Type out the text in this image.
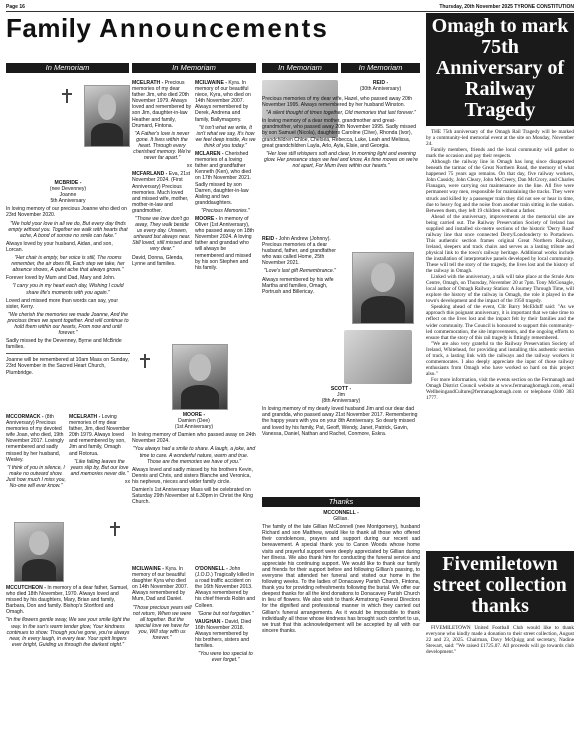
Page 16	Thursday, 20th November 2025 TYRONE CONSTITUTION
Family Announcements
In Memoriam	In Memoriam	In Memoriam	In Memoriam

MCBRIDE -
(nee Devenney)
Joanne
5th Anniversary

In loving memory of our precious Joanne who died on 23rd November 2020.

"We hold your love in all we do, But every day finds empty without you. Together we walk with hearts that ache, A bond of sorrow no smile can fake."

Always loved by your husband, Aidan, and son, Lorcan.

"Her chair is empty, her voice is still, The rooms remember, the air does fill, Each step we take, her absence shows, A quiet ache that always grows."

Forever loved by Mum and Dad, Mary and John.

"I carry you in my heart each day, Wishing I could share life's moments with you again."

Loved and missed more than words can say, your sister, Kerry.

"We cherish the memories we made Joanne, And the precious times we spent together. And will continue to hold them within our hearts, From now and until forever."

Sadly missed by the Devenney, Byrne and McBride families.

Joanne will be remembered at 10am Mass on Sunday, 23rd November in the Sacred Heart Church, Plumbridge.

MCCORMACK - (8th Anniversary) Precious memories of my devoted wife Joan, who died, 19th November 2017. Lovingly remembered and sadly missed by her husband, Wesley.

"I think of you in silence, I make no outward show. Just how much I miss you, No-one will ever know."

MCELRATH - Loving memories of my dear father, Jim, died November 20th 1979. Always loved and remembered by son, Jim and family, Omagh and Rotorua.

"Like falling leaves the years slip by, But our love and memories never die."

xx

MCCUTCHEON - In memory of a dear father, Samuel, who died 18th November, 1970. Always loved and missed by his daughters, Mary, Brian and family, Barbara, Don and family. Bishop's Stortford and Omagh.

"In the flowers gentle sway, We see your smile light the way. In the sun's warm tender glow, Your kindness continues to show. Though you've gone, you're always near, In every laugh, in every tear. Your spirit lingers ever bright, Guiding us through the darkest night."

MCELRATH - Precious memories of my dear father Jim, who died 20th November 1979. Always loved and remembered by son Jim, daughter-in-law Heather and family, Drumard, Fintona.

"A Father's love is never gone. It lives within the heart. Through every cherished memory. We're never far apart."

xx

MCFARLAND - Eva, 21st November 2024. (First Anniversary) Precious memories. Much loved and missed wife, mother, mother-in-law and grandmother.

"Those we love don't go away, They walk beside us every day. Unseen, unheard but always near. Still loved, still missed and very dear."

David, Donna, Glenda, Lynne and families.

MCILWAINE - Kyra. In memory of our beautiful niece, Kyra, who died on 14th November 2007. Always remembered by Derek, Andrena and family, Ballymagorry.

"It isn't what we write, It isn't what we say, It's how we feel deep inside, As we think of you today."

MCLAREN - Cherished memories of a loving father and grandfather Kenneth (Ken), who died on 17th November 2021. Sadly missed by son Darren, daughter-in-law Aisling and two granddaughters.

"Precious Memories."

MOORE - In memory of Oliver (1st Anniversary), who passed away on 18th November 2024. A loving father and grandad who will always be remembered and missed by his son Stephen and his family.

MOORE -
Damien (Dee)
(1st Anniversary)

In loving memory of Damien who passed away on 24th November 2024.

"You always had a smile to share. A laugh, a joke, and time to care. A wonderful nature, warm and true. Those are the memories we have of you."

Always loved and sadly missed by his brothers Kevin, Dennis and Chris, and sisters Blanche and Veronica, his nephews, nieces and wider family circle.

Damien's 1st Anniversary Mass will be celebrated on Saturday 29th November at 6.30pm in Christ the King Church.

MCILWAINE - Kyra. In memory of our beautiful daughter Kyra who died on 14th November 2007. Always remembered by Mum, Dad and Daniel.

"Those precious years will not return, When we were all together. But the special love we have for you, Will stay with us forever."

O'DONNELL - John (J.O.D.) Tragically killed in a road traffic accident on the 16th November 2013. Always remembered by his chief friends Robin and Colleen.

"Gone but not forgotten."

VAUGHAN - David, Died 16th November 2018. Always remembered by his brothers, sisters and families.

"You were too special to ever forget."

REID -
(30th Anniversary)

Precious memories of my dear wife, Hazel, who passed away 20th November 1995. Always remembered by her husband Winston.

"A silent thought of times together, Old memories that last forever."

In loving memory of a dear mother, grandmother and great-grandmother, who passed away 20th November 1995. Sadly missed by son Samuel (Nicola), daughters Caroline (Clive), Rhonda (Ivor), grandchildren Chloe, Chelsea, Rebecca, Luke, Leah and Melissa, great grandchildren Layla, Arlo, Ayla, Elsie, and Georgia.

"Her love still whispers soft and clear, In morning light and evening glow. Her presence stays we feel and know, As time moves on we're not apart, For Mum lives within our hearts."

REID - John Andrew (Johnny). Precious memories of a dear husband, father, and grandfather who was called Home, 25th November 2021.

"Love's last gift Remembrance."

Always remembered by his wife Martha and families, Omagh, Portrush and Billericay.

SCOTT -
Jim
(8th Anniversary)

In loving memory of my dearly loved husband Jim and our dear dad and grandda, who passed away 21st November 2017. Remembering the happy years with you on your 8th Anniversary. So dearly missed and loved by his family, Pat, Geoff, Wendy, Janet, Patrick, Gavin, Vanessa, Daniel, Nathan and Rachel, Conmore, Eskra.

Thanks

MCCONNELL -
Gillian.

The family of the late Gillian McConnell (nee Montgomery), husband Richard and son Matthew, would like to thank all those who offered their condolences, prayers and support during our recent sad bereavement. A special thank you to Canon Woods whose home visits and prayerful support were deeply appreciated by Gillian during her illness. We also thank him for conducting the funeral service and appreciate his continuing support. We would like to thank our family and friends for their support before and following Gillian's passing, to everyone that attended her funeral and visited our home in the following weeks. To the ladies of Donacavey Parish Church, Fintona, thank you for providing refreshments following the burial. We offer our deepest thanks for all the kind donations to Donacavey Parish Church in lieu of flowers. We also wish to thank Armstrong Funeral Directors for the dignified and professional manner in which they carried out Gillian's funeral arrangements. As it would be impossible to thank individually all those whose kindness has brought such comfort to us, we trust that this acknowledgement will be accepted by all with our sincere thanks.

Omagh to mark 75th Anniversary of Railway Tragedy

THE 75th anniversary of the Omagh Rail Tragedy will be marked by a community-led memorial event at the site on Monday, November 24.

Family members, friends and the local community will gather to mark the occasion and pay their respects.

Although the railway line in Omagh has long since disappeared beneath the tarmac of the Great Northern Road, the memory of what happened 75 years ago remains. On that day, five railway workers, John Cassidy, John Cleary, John McCreery, Dan McCrory, and Charles Flanagan, were carrying out maintenance on the line. All five were permanent way men, responsible for maintaining the tracks. They were struck and killed by a passenger train they did not see or hear in time, due to heavy fog and the noise from another train sitting in the station. Between them, they left 19 children without a father.

Ahead of the anniversary, improvements at the memorial site are being carried out. The Railway Preservation Society of Ireland has supplied and installed six-metre sections of the historic 'Derry Road' railway line that once connected Derry/Londonderry to Portadown. This authentic section frames original Great Northern Railway, Ireland, sleepers and track chairs and serves as a lasting tribute and physical link to the town's railway heritage. Additional works include the installation of interpretative panels developed by local community. These will tell the story of the tragedy, the lives lost and the history of the railway in Omagh.

Linked with the anniversary, a talk will take place at the Strule Arts Centre, Omagh, on Thursday, November 20 at 7pm. Tony McGonagle, local author of Omagh Railway Station: A Journey Through Time, will explore the history of the railway in Omagh, the role it played in the town's development and the impact of the 1950 tragedy.

Speaking ahead of the event, Cllr Barry McElduff said: "As we approach this poignant anniversary, it is important that we take time to reflect on the lives lost and the impact felt by their families and the wider community. The Council is honoured to support this community-led commemoration, the site improvements, and the ongoing efforts to ensure that the story of this rail tragedy is fittingly remembered.

"We are also very grateful to the Railway Preservation Society of Ireland, Whitehead, for providing and installing this authentic section of track, a lasting link with the railways and the railway workers it commemorates. I also deeply appreciate the input of those railway enthusiasts from Omagh who have worked so hard on this project also."

For more information, visit the events section on the Fermanagh and Omagh District Council website at www.fermanaghomagh.com, email WellbeingandCulture@fermanaghomagh.com or telephone 0300 303 1777.

Fivemiletown street collection thanks

FIVEMILETOWN United Football Club would like to thank everyone who kindly made a donation to their street collection, August 22 and 23, 2025. Chairman, Davy McQuigg and secretary, Nadine Stewart, said: "We raised £1725.07. All proceeds will go towards club development."
